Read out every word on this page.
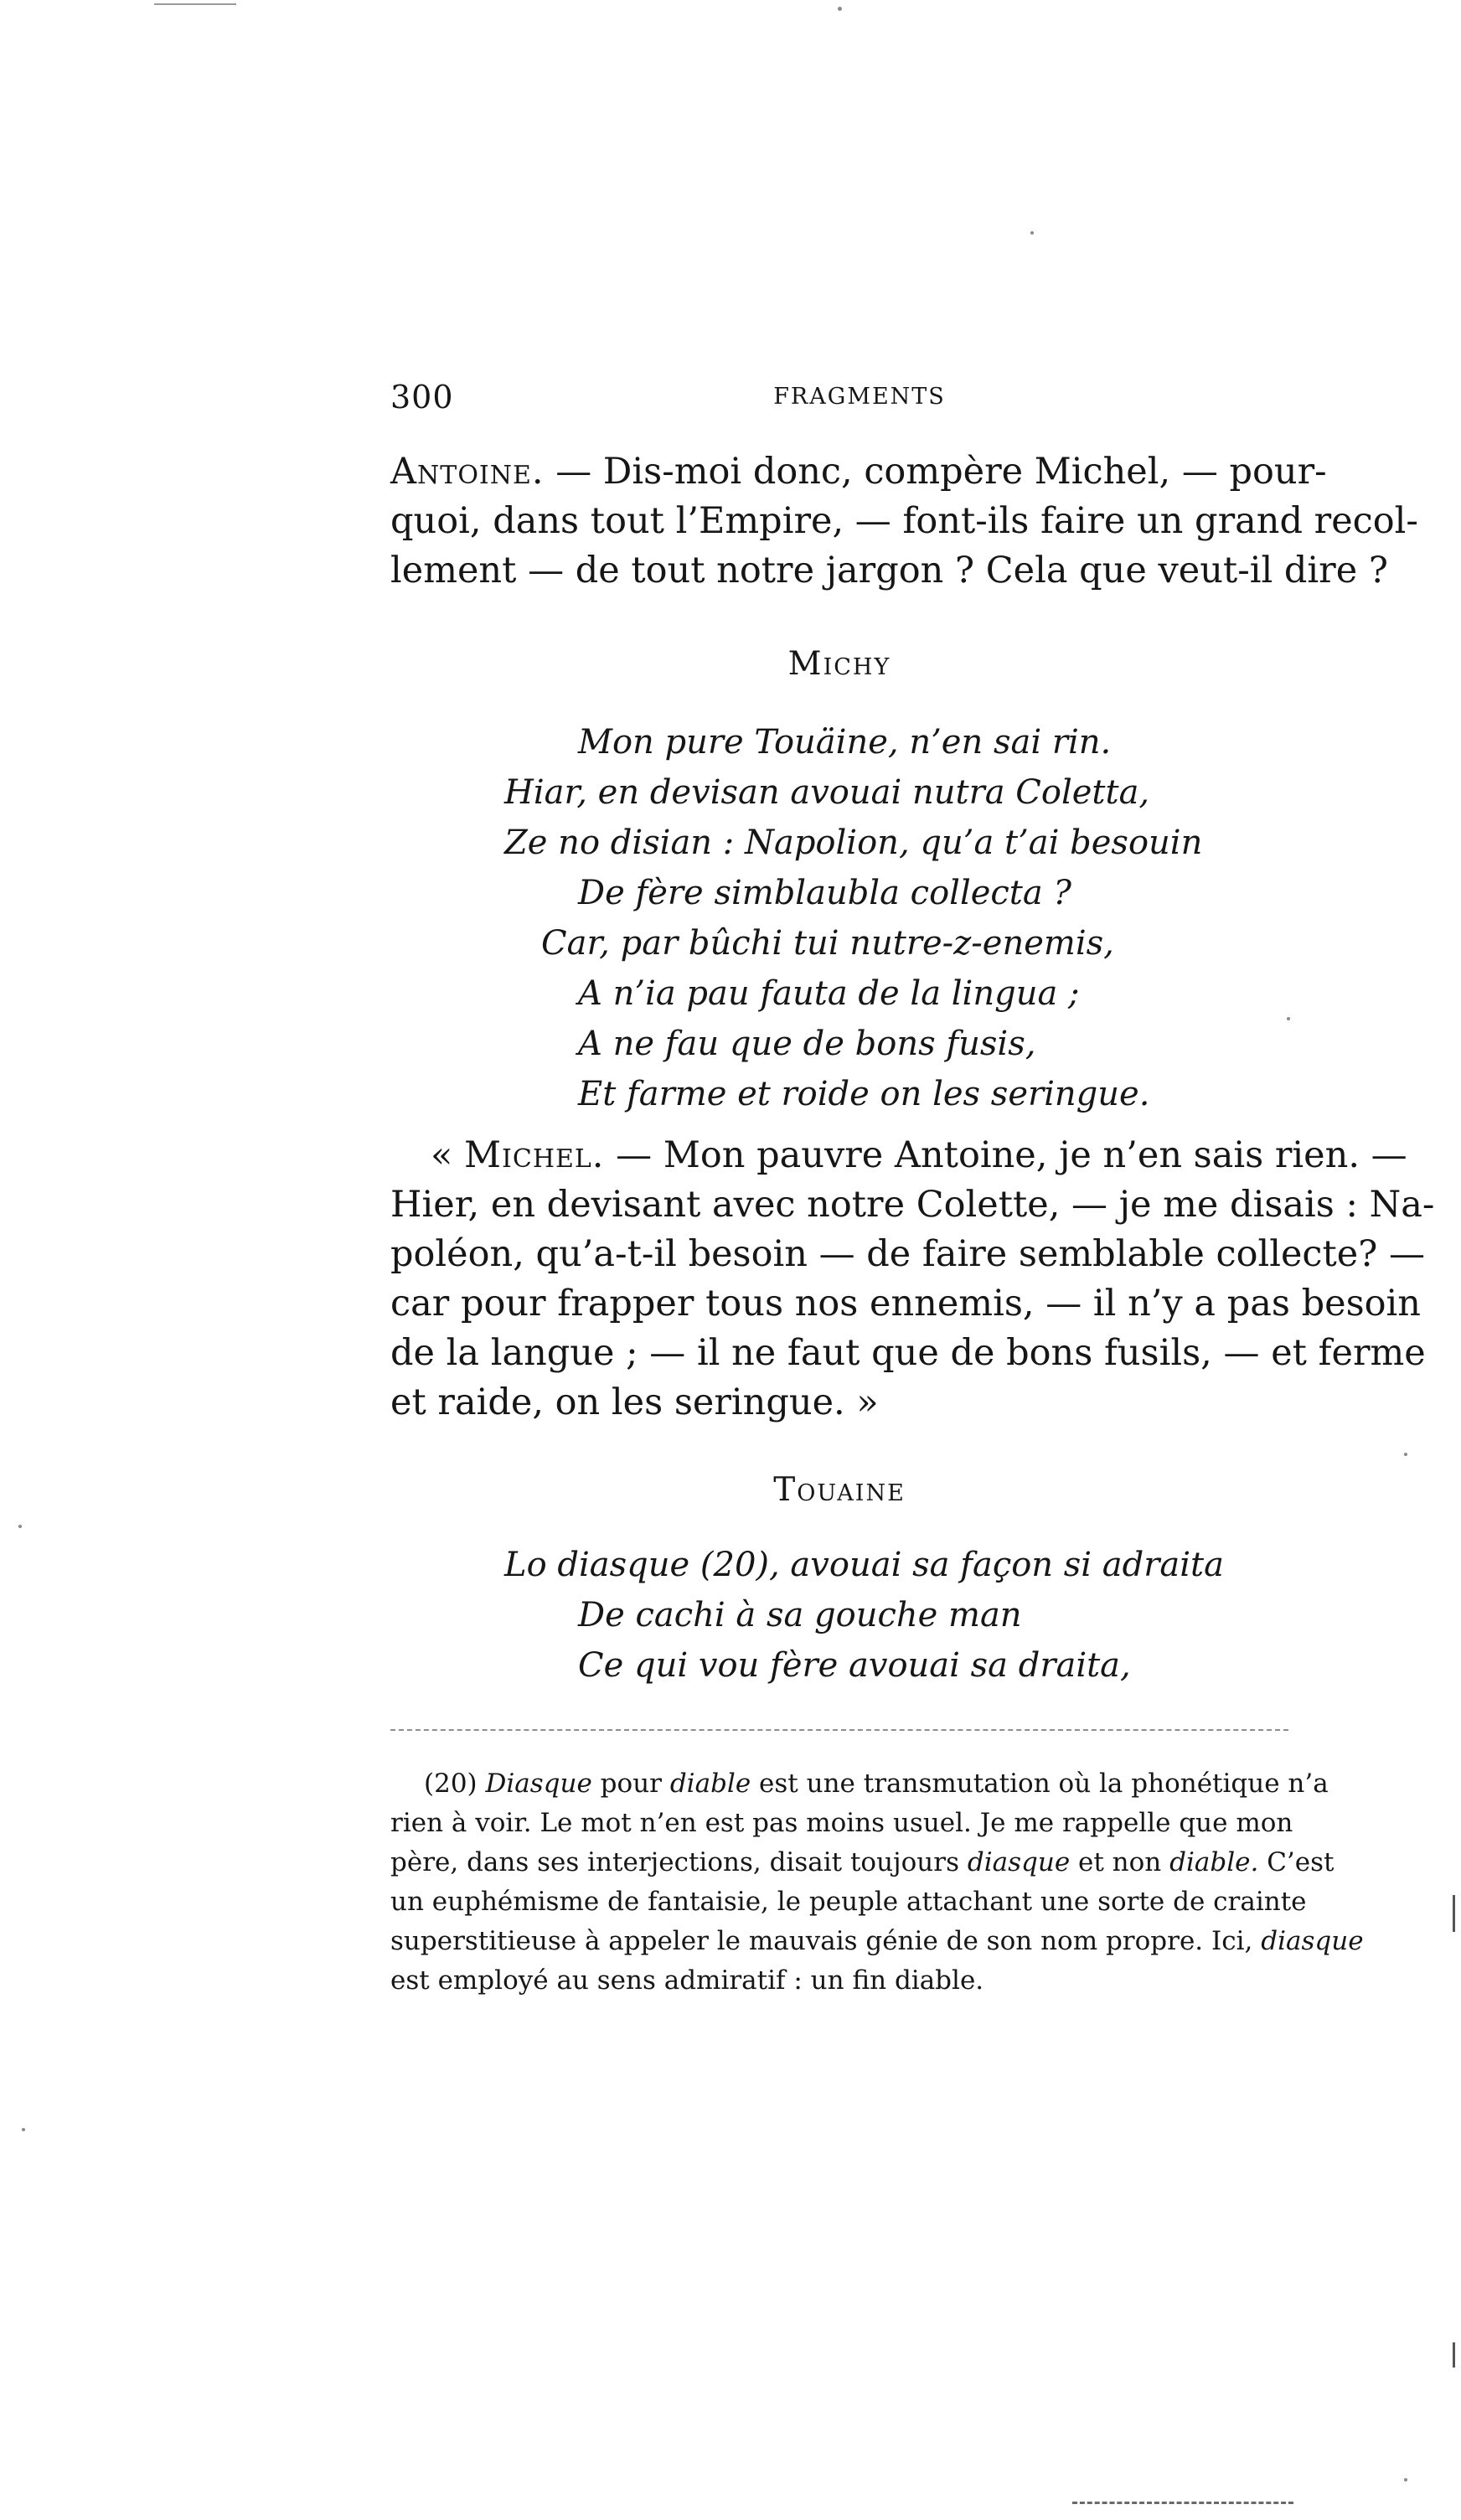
300	FRAGMENTS
Antoine. — Dis-moi donc, compère Michel, — pour-
quoi, dans tout l’Empire, — font-ils faire un grand recol-
lement — de tout notre jargon ? Cela que veut-il dire ?
Michy
Mon pure Touäine, n’en sai rin.
Hiar, en devisan avouai nutra Coletta,
Ze no disian : Napolion, qu’a t’ai besouin
De fère simblaubla collecta ?
Car, par bûchi tui nutre-z-enemis,
A n’ia pau fauta de la lingua ;
A ne fau que de bons fusis,
Et farme et roide on les seringue.
« Michel. — Mon pauvre Antoine, je n’en sais rien. —
Hier, en devisant avec notre Colette, — je me disais : Na-
poléon, qu’a-t-il besoin — de faire semblable collecte? —
car pour frapper tous nos ennemis, — il n’y a pas besoin
de la langue ; — il ne faut que de bons fusils, — et ferme
et raide, on les seringue. »
Touaine
Lo diasque (20), avouai sa façon si adraita
De cachi à sa gouche man
Ce qui vou fère avouai sa draita,
(20) Diasque pour diable est une transmutation où la phonétique n’a
rien à voir. Le mot n’en est pas moins usuel. Je me rappelle que mon
père, dans ses interjections, disait toujours diasque et non diable. C’est
un euphémisme de fantaisie, le peuple attachant une sorte de crainte
superstitieuse à appeler le mauvais génie de son nom propre. Ici, diasque
est employé au sens admiratif : un fin diable.
